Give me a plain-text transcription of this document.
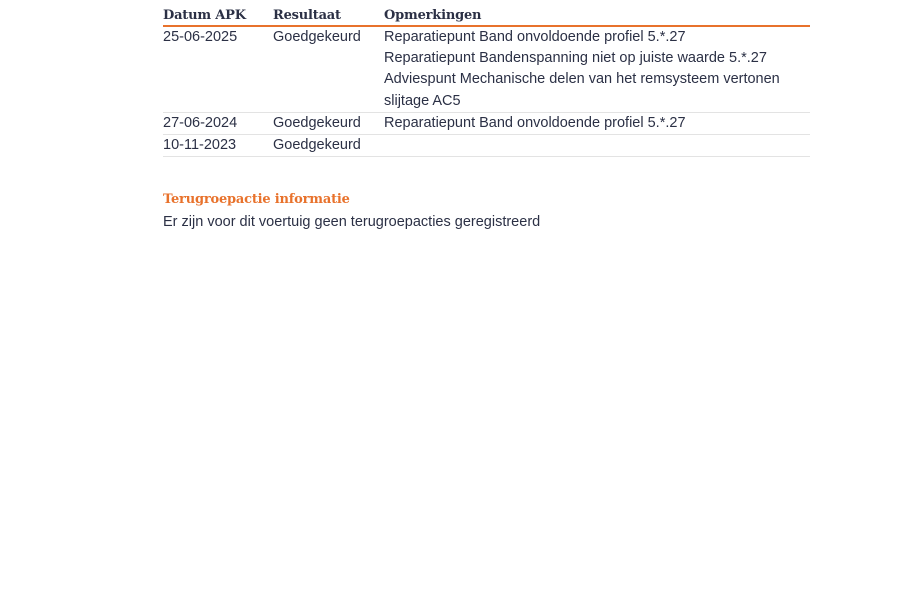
Datum APK	Resultaat	Opmerkingen
25-06-2025	Goedgekeurd	Reparatiepunt Band onvoldoende profiel 5.*.27
Reparatiepunt Bandenspanning niet op juiste waarde 5.*.27
Adviespunt Mechanische delen van het remsysteem vertonen
slijtage AC5

27-06-2024	Goedgekeurd	Reparatiepunt Band onvoldoende profiel 5.*.27

10-11-2023	Goedgekeurd	
Terugroepactie informatie

Er zijn voor dit voertuig geen terugroepacties geregistreerd
